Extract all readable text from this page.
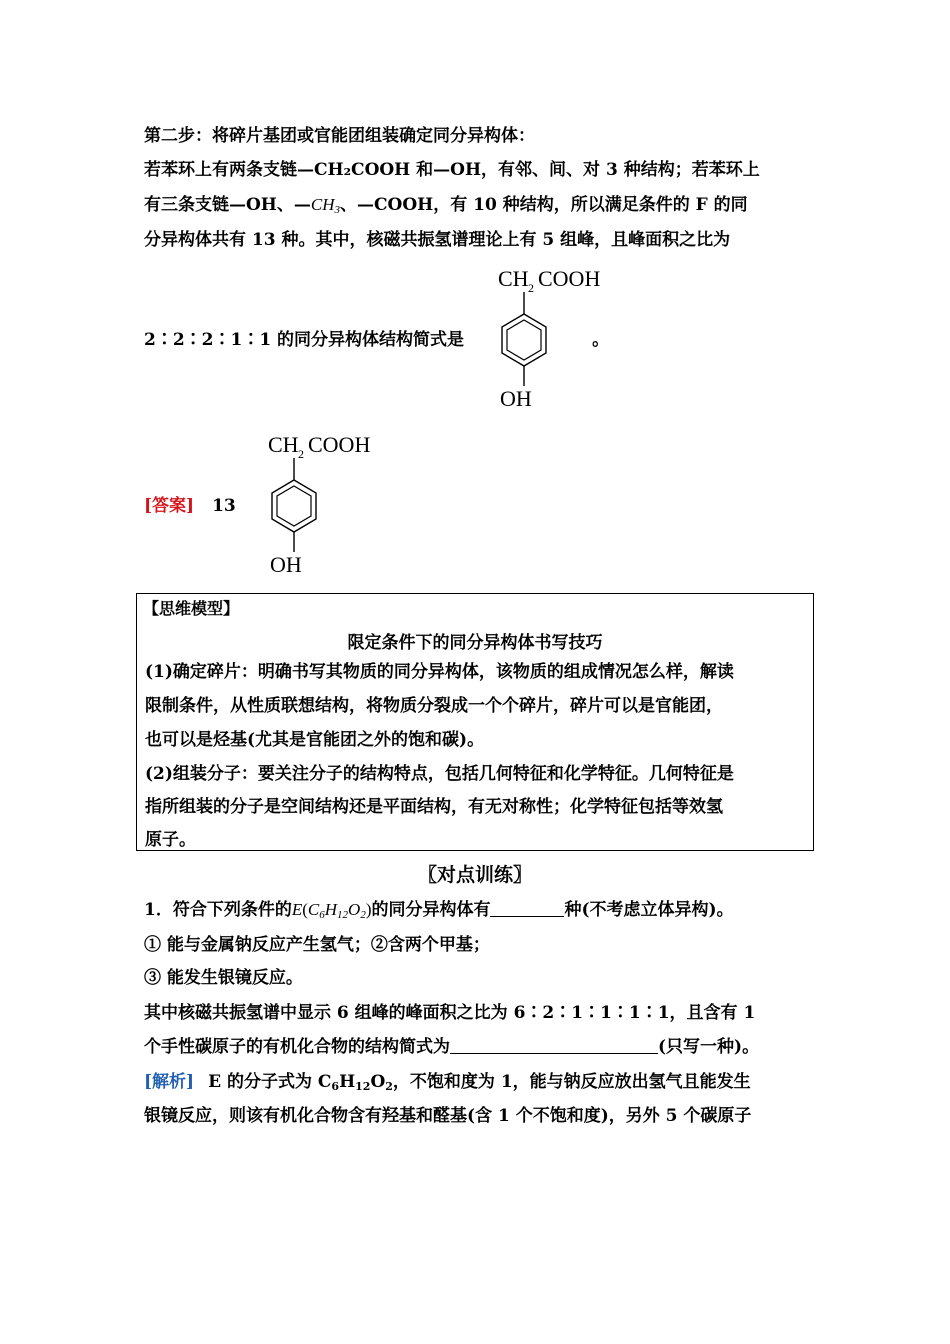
第二步：将碎片基团或官能团组装确定同分异构体：
若苯环上有两条支链—CH₂COOH 和—OH，有邻、间、对 3 种结构；若苯环上
有三条支链—OH、$—CH_3$、—COOH，有 10 种结构，所以满足条件的 F 的同
分异构体共有 13 种。其中，核磁共振氢谱理论上有 5 组峰，且峰面积之比为
2∶2∶2∶1∶1 的同分异构体结构简式是	。
CH 2 COOH
OH
[答案] 13
CH 2 COOH
OH
【思维模型】
限定条件下的同分异构体书写技巧
(1)确定碎片：明确书写其物质的同分异构体，该物质的组成情况怎么样，解读
限制条件，从性质联想结构，将物质分裂成一个个碎片，碎片可以是官能团，
也可以是烃基(尤其是官能团之外的饱和碳)。
(2)组装分子：要关注分子的结构特点，包括几何特征和化学特征。几何特征是
指所组装的分子是空间结构还是平面结构，有无对称性；化学特征包括等效氢
原子。
〖对点训练〗
1．符合下列条件的$E(C_6H_{12}O_2)$的同分异构体有	种(不考虑立体异构)。
① 能与金属钠反应产生氢气；②含两个甲基；
③ 能发生银镜反应。
其中核磁共振氢谱中显示 6 组峰的峰面积之比为 6∶2∶1∶1∶1∶1，且含有 1
个手性碳原子的有机化合物的结构简式为	(只写一种)。
[解析] E 的分子式为 $C_6H_{12}O_2$，不饱和度为 1，能与钠反应放出氢气且能发生
银镜反应，则该有机化合物含有羟基和醛基(含 1 个不饱和度)，另外 5 个碳原子
